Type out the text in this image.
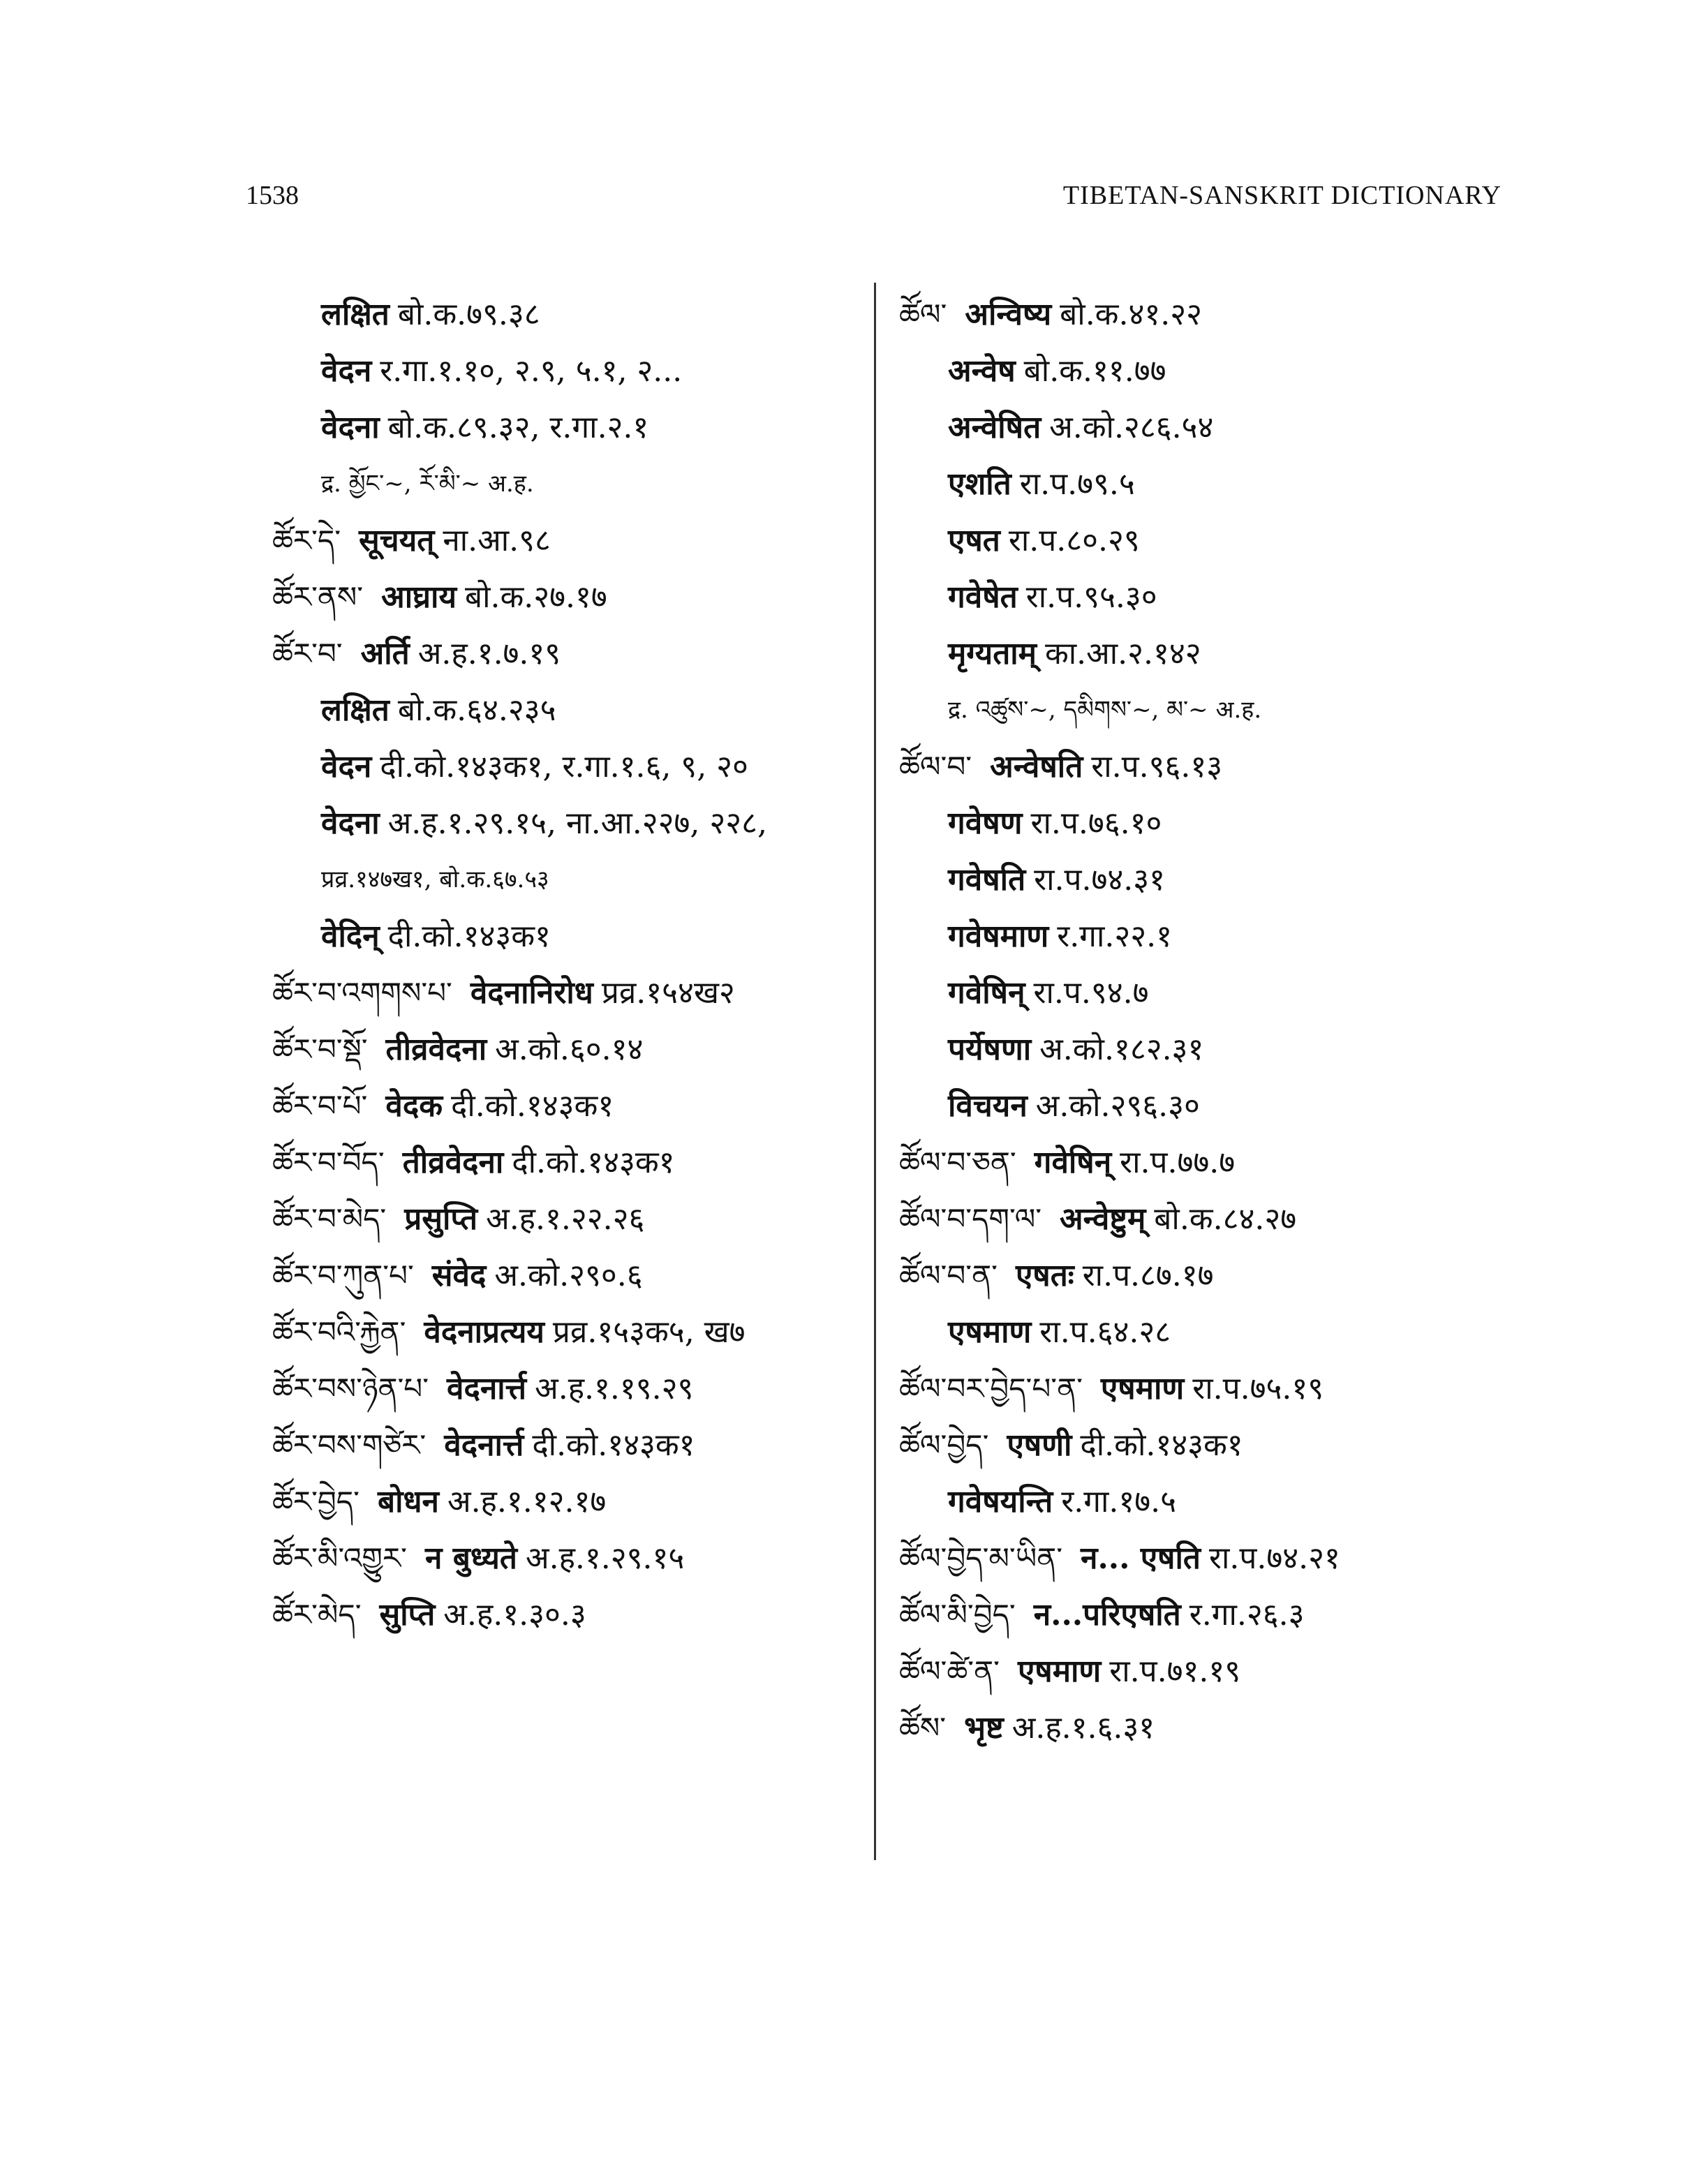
1538	TIBETAN-SANSKRIT DICTIONARY
लक्षित बो.क.७९.३८
वेदन र.गा.१.१०, २.९, ५.१, २...
वेदना बो.क.८९.३२, र.गा.२.१
द्र. མྱོང་~, རོ་མི་~ अ.ह.
ཚོར་དེ་ सूचयत् ना.आ.९८
ཚོར་ནས་ आघ्राय बो.क.२७.१७
ཚོར་བ་ अर्ति अ.ह.१.७.१९
लक्षित बो.क.६४.२३५
वेदन दी.को.१४३क१, र.गा.१.६, ९, २०
वेदना अ.ह.१.२९.१५, ना.आ.२२७, २२८,
प्रव्र.१४७ख१, बो.क.६७.५३
वेदिन् दी.को.१४३क१
ཚོར་བ་འགགས་པ་ वेदनानिरोध प्रव्र.१५४ख२
ཚོར་བ་སྡོ་ तीव्रवेदना अ.को.६०.१४
ཚོར་བ་པོ་ वेदक दी.को.१४३क१
ཚོར་བ་བོད་ तीव्रवेदना दी.को.१४३क१
ཚོར་བ་མེད་ प्रसुप्ति अ.ह.१.२२.२६
ཚོར་བ་ཀུན་པ་ संवेद अ.को.२९०.६
ཚོར་བའི་རྐྱེན་ वेदनाप्रत्यय प्रव्र.१५३क५, ख७
ཚོར་བས་ཉེན་པ་ वेदनार्त्त अ.ह.१.१९.२९
ཚོར་བས་གཙེར་ वेदनार्त्त दी.को.१४३क१
ཚོར་བྱེད་ बोधन अ.ह.१.१२.१७
ཚོར་མི་འགྱུར་ न बुध्यते अ.ह.१.२९.१५
ཚོར་མེད་ सुप्ति अ.ह.१.३०.३
ཚོལ་ अन्विष्य बो.क.४१.२२
अन्वेष बो.क.११.७७
अन्वेषित अ.को.२८६.५४
एशति रा.प.७९.५
एषत रा.प.८०.२९
गवेषेत रा.प.९५.३०
मृग्यताम् का.आ.२.१४२
द्र. འཚུས་~, དམིགས་~, མ་~ अ.ह.
ཚོལ་བ་ अन्वेषति रा.प.९६.१३
गवेषण रा.प.७६.१०
गवेषति रा.प.७४.३१
गवेषमाण र.गा.२२.१
गवेषिन् रा.प.९४.७
पर्येषणा अ.को.१८२.३१
विचयन अ.को.२९६.३०
ཚོལ་བ་ཅན་ गवेषिन् रा.प.७७.७
ཚོལ་བ་དག་ལ་ अन्वेष्टुम् बो.क.८४.२७
ཚོལ་བ་ན་ एषतः रा.प.८७.१७
एषमाण रा.प.६४.२८
ཚོལ་བར་བྱེད་པ་ན་ एषमाण रा.प.७५.१९
ཚོལ་བྱེད་ एषणी दी.को.१४३क१
गवेषयन्ति र.गा.१७.५
ཚོལ་བྱེད་མ་ཡིན་ न... एषति रा.प.७४.२१
ཚོལ་མི་བྱེད་ न...परिएषति र.गा.२६.३
ཚོལ་ཚེ་ན་ एषमाण रा.प.७१.१९
ཚོས་ भृष्ट अ.ह.१.६.३१
